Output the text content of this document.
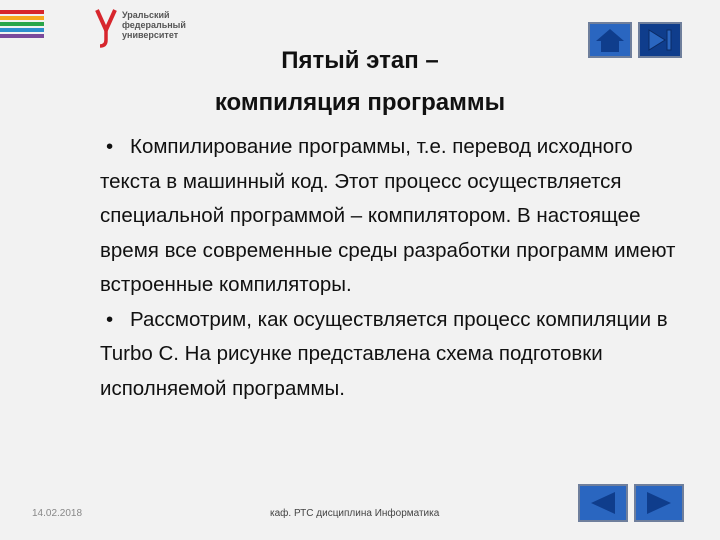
Уральский
федеральный
университет
Пятый этап –
компиляция программы

• Компилирование программы, т.е. перевод исходного текста в машинный код. Этот процесс осуществляется специальной программой – компилятором. В настоящее время все современные среды разработки программ имеют встроенные компиляторы.

• Рассмотрим, как осуществляется процесс компиляции в Turbo C. На рисунке представлена схема подготовки исполняемой программы.

14.02.2018	каф. РТС дисциплина Информатика
